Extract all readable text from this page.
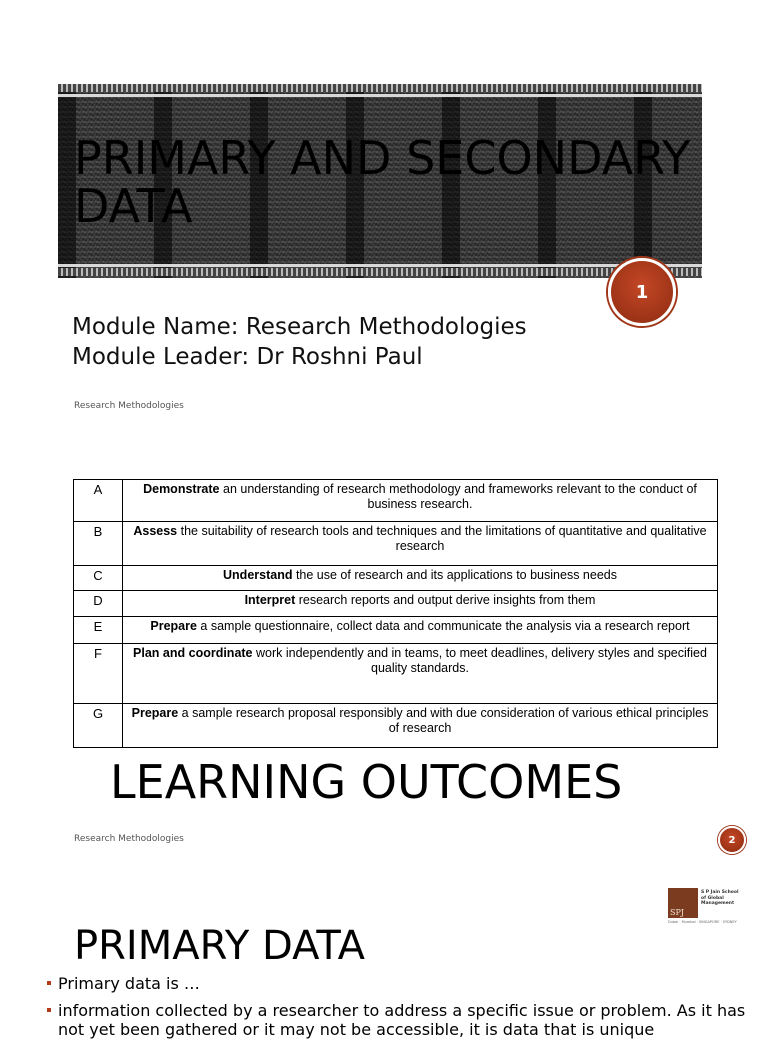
PRIMARY AND SECONDARY DATA
1
Module Name: Research Methodologies
Module Leader: Dr Roshni Paul
Research Methodologies
A	Demonstrate an understanding of research methodology and frameworks relevant to the conduct of business research.
B	Assess the suitability of research tools and techniques and the limitations of quantitative and qualitative research
C	Understand the use of research and its applications to business needs
D	Interpret research reports and output derive insights from them
E	Prepare a sample questionnaire, collect data and communicate the analysis via a research report
F	Plan and coordinate work independently and in teams, to meet deadlines, delivery styles and specified quality standards.
G	Prepare a sample research proposal responsibly and with due consideration of various ethical principles of research
LEARNING OUTCOMES
Research Methodologies	2
SPJ
S P Jain School of Global Management
Dubai · Mumbai · SINGAPORE · SYDNEY
PRIMARY DATA
Primary data is …
information collected by a researcher to address a specific issue or problem. As it has not yet been gathered or it may not be accessible, it is data that is unique
